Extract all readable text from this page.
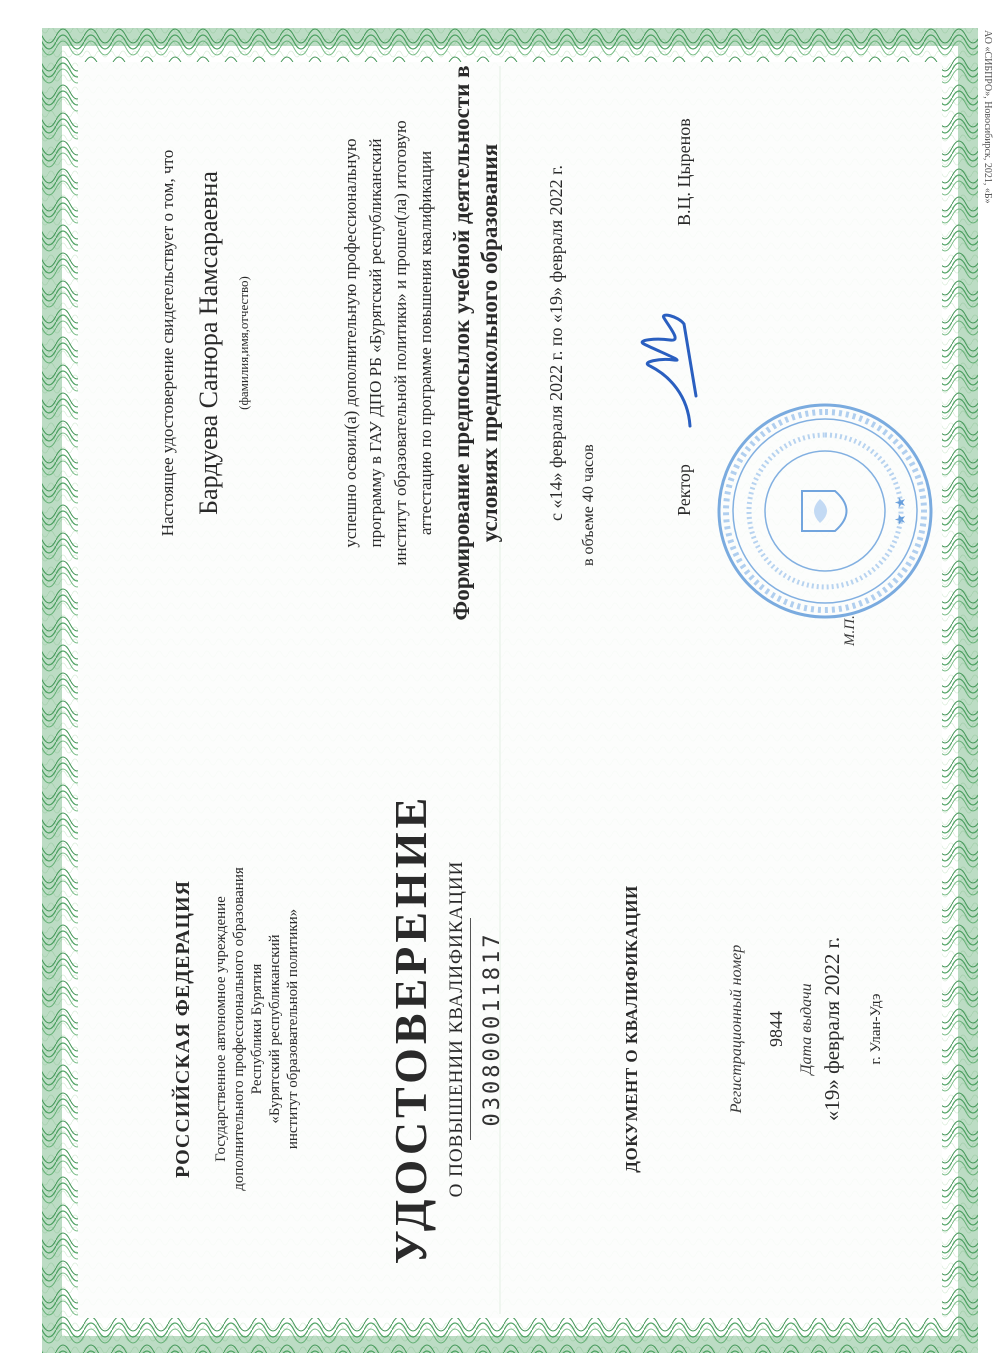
РОССИЙСКАЯ ФЕДЕРАЦИЯ Государственное автономное учреждение дополнительного профессионального образования Республики Бурятия «Бурятский республиканский институт образовательной политики» УДОСТОВЕРЕНИЕ О ПОВЫШЕНИИ КВАЛИФИКАЦИИ 030800011817	ДОКУМЕНТ О КВАЛИФИКАЦИИ	Регистрационный номер 9844 Дата выдачи «19» февраля 2022 г. г. Улан-Удэ
Настоящее удостоверение свидетельствует о том, что Бардуева Санюра Намсараевна (фамилия,имя,отчество)	успешно освоил(а) дополнительную профессиональную программу в ГАУ ДПО РБ «Бурятский республиканский институт образовательной политики» и прошел(ла) итоговую аттестацию по программе повышения квалификации Формирование предпосылок учебной деятельности в условиях предшкольного образования с «14» февраля 2022 г. по «19» февраля 2022 г. в объеме 40 часов	Ректор
В.Ц. Цыренов
★ ★
М.П.
АО «СИБПРО», Новосибирск, 2021, «Б»
